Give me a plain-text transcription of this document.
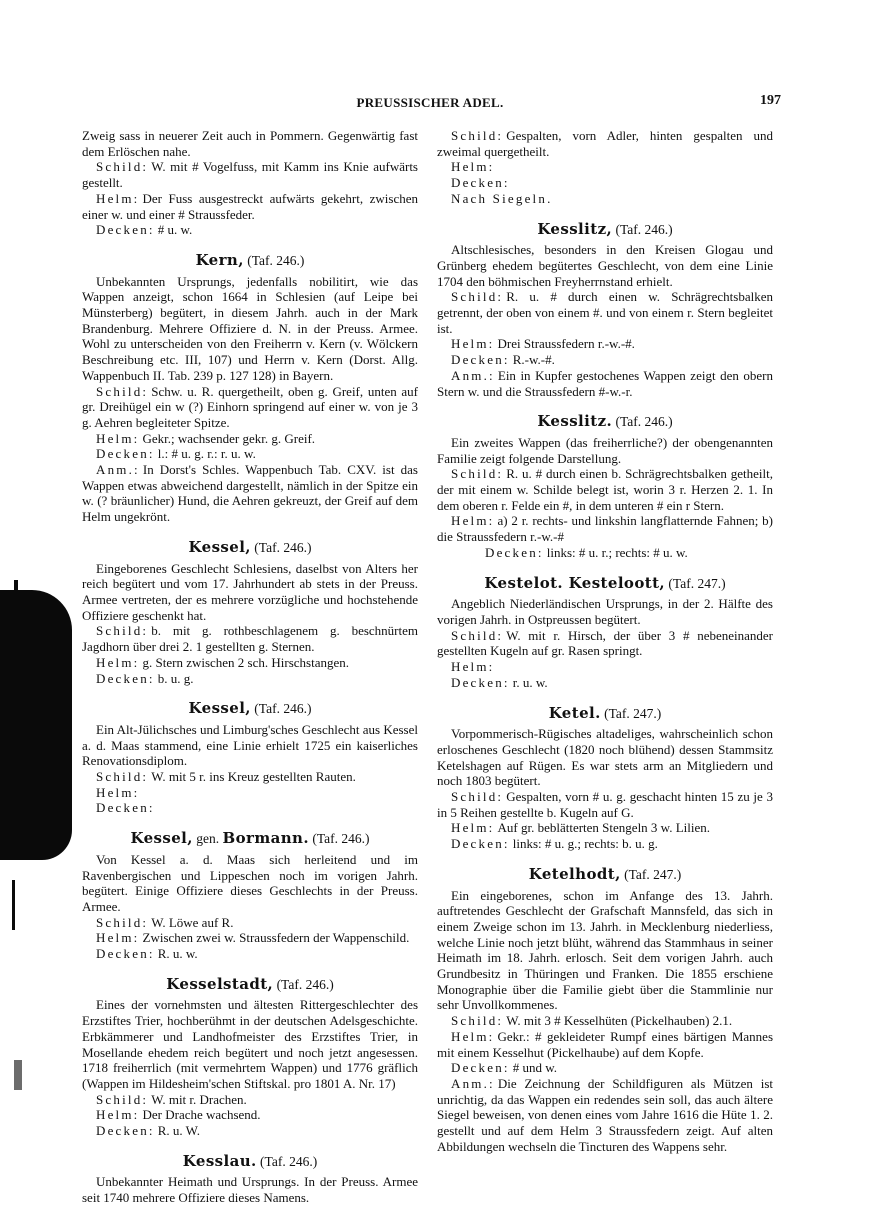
PREUSSISCHER ADEL.	197

Zweig sass in neuerer Zeit auch in Pommern. Gegenwärtig fast dem Erlöschen nahe.

Schild: W. mit # Vogelfuss, mit Kamm ins Knie aufwärts gestellt.

Helm: Der Fuss ausgestreckt aufwärts gekehrt, zwischen einer w. und einer # Straussfeder.

Decken: # u. w.

Kern, (Taf. 246.)

Unbekannten Ursprungs, jedenfalls nobilitirt, wie das Wappen anzeigt, schon 1664 in Schlesien (auf Leipe bei Münsterberg) begütert, in diesem Jahrh. auch in der Mark Brandenburg. Mehrere Offiziere d. N. in der Preuss. Armee. Wohl zu unterscheiden von den Freiherrn v. Kern (v. Wölckern Beschreibung etc. III, 107) und Herrn v. Kern (Dorst. Allg. Wappenbuch II. Tab. 239 p. 127 128) in Bayern.

Schild: Schw. u. R. quergetheilt, oben g. Greif, unten auf gr. Dreihügel ein w (?) Einhorn springend auf einer w. von je 3 g. Aehren begleiteter Spitze.

Helm: Gekr.; wachsender gekr. g. Greif.

Decken: l.: # u. g. r.: r. u. w.

Anm.: In Dorst's Schles. Wappenbuch Tab. CXV. ist das Wappen etwas abweichend dargestellt, nämlich in der Spitze ein w. (? bräunlicher) Hund, die Aehren gekreuzt, der Greif auf dem Helm ungekrönt.

Kessel, (Taf. 246.)

Eingeborenes Geschlecht Schlesiens, daselbst von Alters her reich begütert und vom 17. Jahrhundert ab stets in der Preuss. Armee vertreten, der es mehrere vorzügliche und hochstehende Offiziere geschenkt hat.

Schild: b. mit g. rothbeschlagenem g. beschnürtem Jagdhorn über drei 2. 1 gestellten g. Sternen.

Helm: g. Stern zwischen 2 sch. Hirschstangen.

Decken: b. u. g.

Kessel, (Taf. 246.)

Ein Alt-Jülichsches und Limburg'sches Geschlecht aus Kessel a. d. Maas stammend, eine Linie erhielt 1725 ein kaiserliches Renovationsdiplom.

Schild: W. mit 5 r. ins Kreuz gestellten Rauten.

Helm:

Decken:

Kessel, gen. Bormann. (Taf. 246.)

Von Kessel a. d. Maas sich herleitend und im Ravenbergischen und Lippeschen noch im vorigen Jahrh. begütert. Einige Offiziere dieses Geschlechts in der Preuss. Armee.

Schild: W. Löwe auf R.

Helm: Zwischen zwei w. Straussfedern der Wappenschild.

Decken: R. u. w.

Kesselstadt, (Taf. 246.)

Eines der vornehmsten und ältesten Rittergeschlechter des Erzstiftes Trier, hochberühmt in der deutschen Adelsgeschichte. Erbkämmerer und Landhofmeister des Erzstiftes Trier, in Mosellande ehedem reich begütert und noch jetzt angesessen. 1718 freiherrlich (mit vermehrtem Wappen) und 1776 gräflich (Wappen im Hildesheim'schen Stiftskal. pro 1801 A. Nr. 17)

Schild: W. mit r. Drachen.

Helm: Der Drache wachsend.

Decken: R. u. W.

Kesslau. (Taf. 246.)

Unbekannter Heimath und Ursprungs. In der Preuss. Armee seit 1740 mehrere Offiziere dieses Namens.

Schild: Gespalten, vorn Adler, hinten gespalten und zweimal quergetheilt.

Helm:

Decken:

Nach Siegeln.

Kesslitz, (Taf. 246.)

Altschlesisches, besonders in den Kreisen Glogau und Grünberg ehedem begütertes Geschlecht, von dem eine Linie 1704 den böhmischen Freyherrnstand erhielt.

Schild: R. u. # durch einen w. Schrägrechtsbalken getrennt, der oben von einem #. und von einem r. Stern begleitet ist.

Helm: Drei Straussfedern r.-w.-#.

Decken: R.-w.-#.

Anm.: Ein in Kupfer gestochenes Wappen zeigt den obern Stern w. und die Straussfedern #-w.-r.

Kesslitz. (Taf. 246.)

Ein zweites Wappen (das freiherrliche?) der obengenannten Familie zeigt folgende Darstellung.

Schild: R. u. # durch einen b. Schrägrechtsbalken getheilt, der mit einem w. Schilde belegt ist, worin 3 r. Herzen 2. 1. In dem oberen r. Felde ein #, in dem unteren # ein r Stern.

Helm: a) 2 r. rechts- und linkshin langflatternde Fahnen; b) die Straussfedern r.-w.-#

Decken: links: # u. r.; rechts: # u. w.

Kestelot. Kesteloott, (Taf. 247.)

Angeblich Niederländischen Ursprungs, in der 2. Hälfte des vorigen Jahrh. in Ostpreussen begütert.

Schild: W. mit r. Hirsch, der über 3 # nebeneinander gestellten Kugeln auf gr. Rasen springt.

Helm:

Decken: r. u. w.

Ketel. (Taf. 247.)

Vorpommerisch-Rügisches altadeliges, wahrscheinlich schon erloschenes Geschlecht (1820 noch blühend) dessen Stammsitz Ketelshagen auf Rügen. Es war stets arm an Mitgliedern und noch 1803 begütert.

Schild: Gespalten, vorn # u. g. geschacht hinten 15 zu je 3 in 5 Reihen gestellte b. Kugeln auf G.

Helm: Auf gr. beblätterten Stengeln 3 w. Lilien.

Decken: links: # u. g.; rechts: b. u. g.

Ketelhodt, (Taf. 247.)

Ein eingeborenes, schon im Anfange des 13. Jahrh. auftretendes Geschlecht der Grafschaft Mannsfeld, das sich in einem Zweige schon im 13. Jahrh. in Mecklenburg niederliess, welche Linie noch jetzt blüht, während das Stammhaus in seiner Heimath im 18. Jahrh. erlosch. Seit dem vorigen Jahrh. auch Grundbesitz in Thüringen und Franken. Die 1855 erschiene Monographie über die Familie giebt über die Stammlinie nur sehr Unvollkommenes.

Schild: W. mit 3 # Kesselhüten (Pickelhauben) 2.1.

Helm: Gekr.: # gekleideter Rumpf eines bärtigen Mannes mit einem Kesselhut (Pickelhaube) auf dem Kopfe.

Decken: # und w.

Anm.: Die Zeichnung der Schildfiguren als Mützen ist unrichtig, da das Wappen ein redendes sein soll, das auch ältere Siegel beweisen, von denen eines vom Jahre 1616 die Hüte 1. 2. gestellt und auf dem Helm 3 Straussfedern zeigt. Auf alten Abbildungen wechseln die Tincturen des Wappens sehr.
